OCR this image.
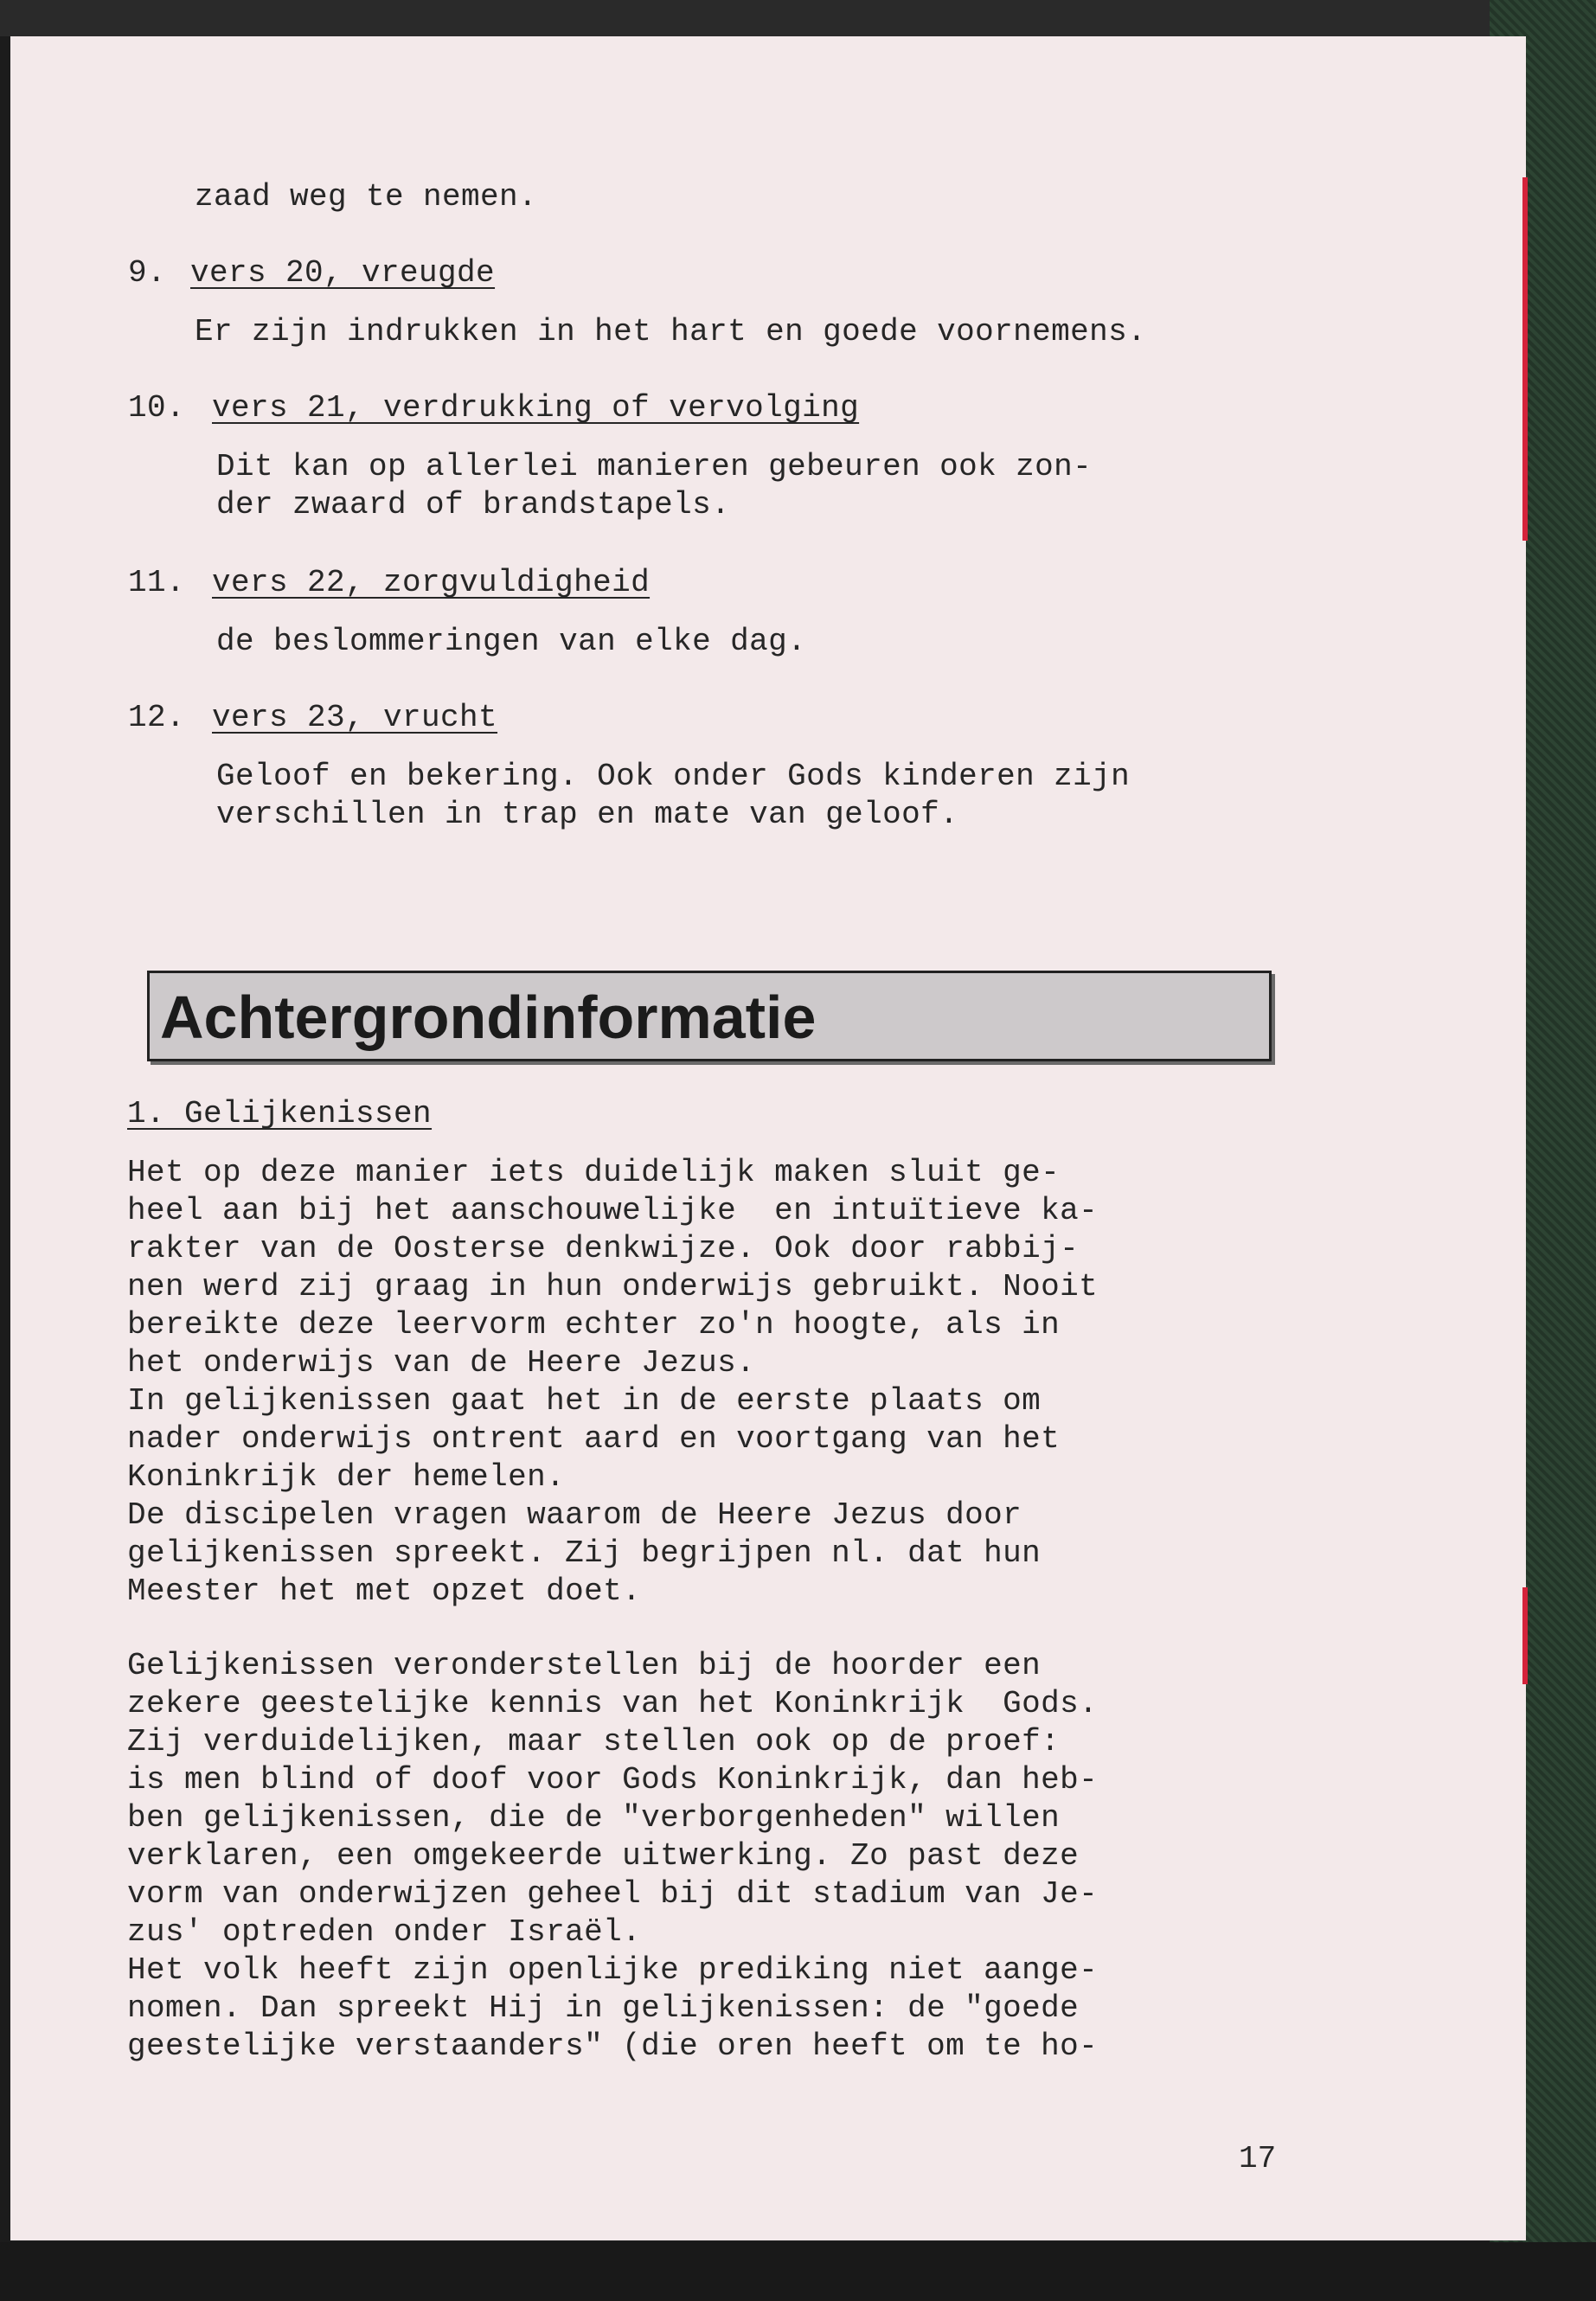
zaad weg te nemen.

9. vers 20, vreugde

Er zijn indrukken in het hart en goede voornemens.

10. vers 21, verdrukking of vervolging

Dit kan op allerlei manieren gebeuren ook zon-

der zwaard of brandstapels.

11. vers 22, zorgvuldigheid

de beslommeringen van elke dag.

12. vers 23, vrucht

Geloof en bekering. Ook onder Gods kinderen zijn

verschillen in trap en mate van geloof.

Achtergrondinformatie

1. Gelijkenissen

Het op deze manier iets duidelijk maken sluit ge-

heel aan bij het aanschouwelijke  en intuïtieve ka-

rakter van de Oosterse denkwijze. Ook door rabbij-

nen werd zij graag in hun onderwijs gebruikt. Nooit

bereikte deze leervorm echter zo'n hoogte, als in

het onderwijs van de Heere Jezus.

In gelijkenissen gaat het in de eerste plaats om

nader onderwijs ontrent aard en voortgang van het

Koninkrijk der hemelen.

De discipelen vragen waarom de Heere Jezus door

gelijkenissen spreekt. Zij begrijpen nl. dat hun

Meester het met opzet doet.

Gelijkenissen veronderstellen bij de hoorder een

zekere geestelijke kennis van het Koninkrijk  Gods.

Zij verduidelijken, maar stellen ook op de proef:

is men blind of doof voor Gods Koninkrijk, dan heb-

ben gelijkenissen, die de "verborgenheden" willen

verklaren, een omgekeerde uitwerking. Zo past deze

vorm van onderwijzen geheel bij dit stadium van Je-

zus' optreden onder Israël.

Het volk heeft zijn openlijke prediking niet aange-

nomen. Dan spreekt Hij in gelijkenissen: de "goede

geestelijke verstaanders" (die oren heeft om te ho-

17
